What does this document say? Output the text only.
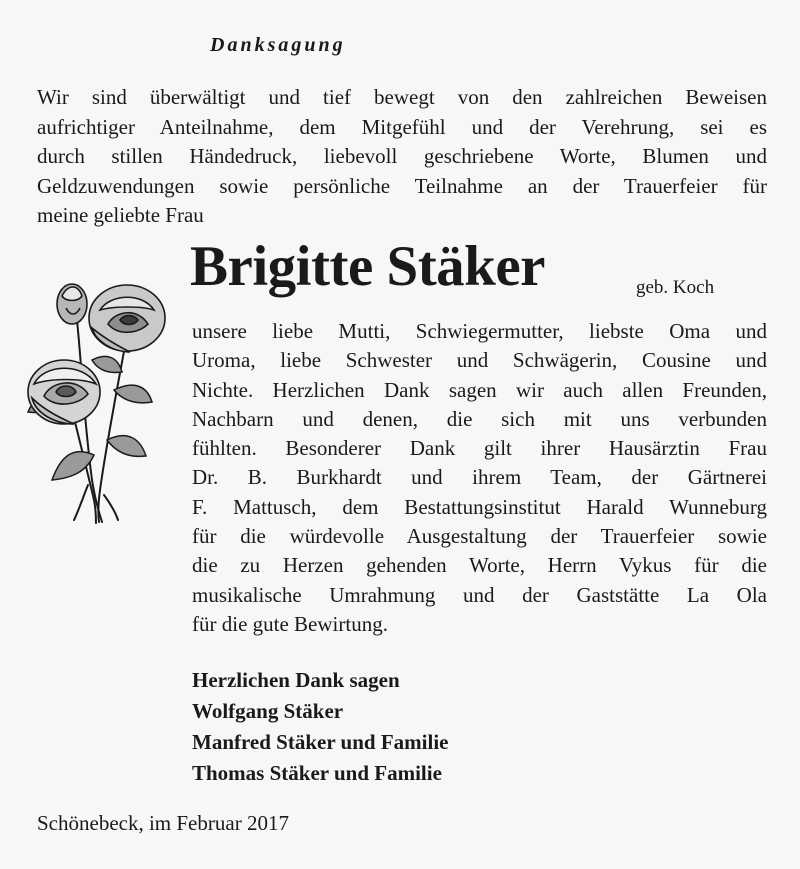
Danksagung
Wir sind überwältigt und tief bewegt von den zahlreichen Beweisen
aufrichtiger Anteilnahme, dem Mitgefühl und der Verehrung, sei es
durch stillen Händedruck, liebevoll geschriebene Worte, Blumen und
Geldzuwendungen sowie persönliche Teilnahme an der Trauerfeier für
meine geliebte Frau
Brigitte Stäker	geb. Koch
unsere liebe Mutti, Schwiegermutter, liebste Oma und
Uroma, liebe Schwester und Schwägerin, Cousine und
Nichte. Herzlichen Dank sagen wir auch allen Freunden,
Nachbarn und denen, die sich mit uns verbunden
fühlten. Besonderer Dank gilt ihrer Hausärztin Frau
Dr. B. Burkhardt und ihrem Team, der Gärtnerei
F. Mattusch, dem Bestattungsinstitut Harald Wunneburg
für die würdevolle Ausgestaltung der Trauerfeier sowie
die zu Herzen gehenden Worte, Herrn Vykus für die
musikalische Umrahmung und der Gaststätte La Ola
für die gute Bewirtung.
Herzlichen Dank sagen
Wolfgang Stäker
Manfred Stäker und Familie
Thomas Stäker und Familie
Schönebeck, im Februar 2017
